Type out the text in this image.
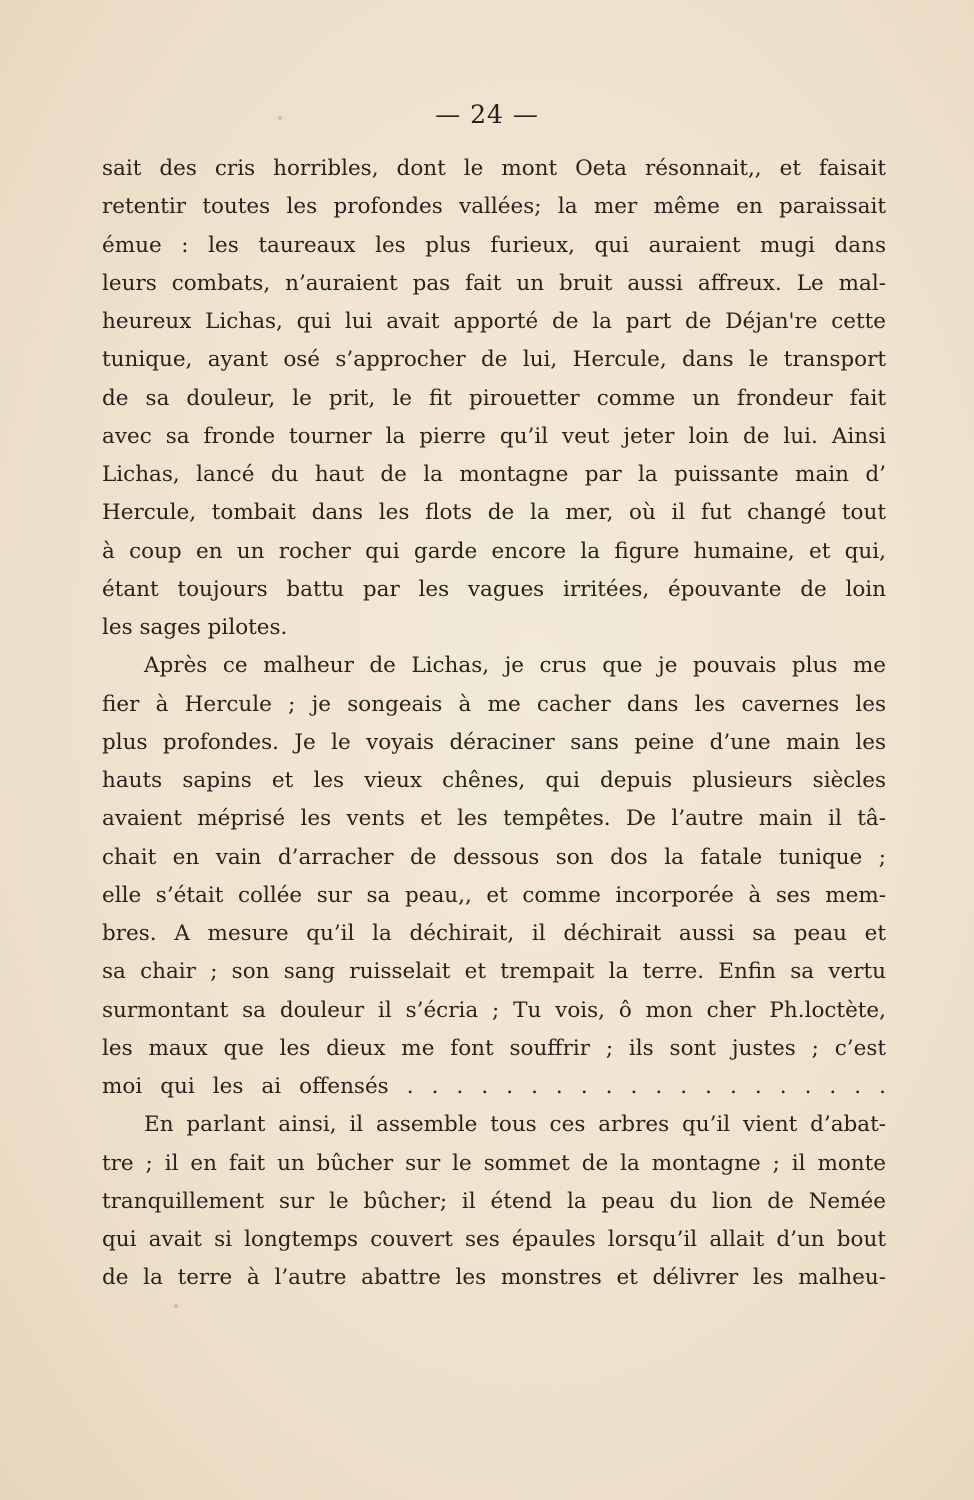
— 24 —
sait des cris horribles, dont le mont Oeta résonnait,, et faisait
retentir toutes les profondes vallées; la mer même en paraissait
émue : les taureaux les plus furieux, qui auraient mugi dans
leurs combats, n’auraient pas fait un bruit aussi affreux. Le mal-
heureux Lichas, qui lui avait apporté de la part de Déjan're cette
tunique, ayant osé s’approcher de lui, Hercule, dans le transport
de sa douleur, le prit, le fit pirouetter comme un frondeur fait
avec sa fronde tourner la pierre qu’il veut jeter loin de lui. Ainsi
Lichas, lancé du haut de la montagne par la puissante main d’
Hercule, tombait dans les flots de la mer, où il fut changé tout
à coup en un rocher qui garde encore la figure humaine, et qui,
étant toujours battu par les vagues irritées, épouvante de loin
les sages pilotes.
Après ce malheur de Lichas, je crus que je pouvais plus me
fier à Hercule ; je songeais à me cacher dans les cavernes les
plus profondes. Je le voyais déraciner sans peine d’une main les
hauts sapins et les vieux chênes, qui depuis plusieurs siècles
avaient méprisé les vents et les tempêtes. De l’autre main il tâ-
chait en vain d’arracher de dessous son dos la fatale tunique ;
elle s’était collée sur sa peau,, et comme incorporée à ses mem-
bres. A mesure qu’il la déchirait, il déchirait aussi sa peau et
sa chair ; son sang ruisselait et trempait la terre. Enfin sa vertu
surmontant sa douleur il s’écria ; Tu vois, ô mon cher Ph.loctète,
les maux que les dieux me font souffrir ; ils sont justes ; c’est
moi qui les ai offensés . . . . . . . . . . . . . . . . . . . .
En parlant ainsi, il assemble tous ces arbres qu’il vient d’abat-
tre ; il en fait un bûcher sur le sommet de la montagne ; il monte
tranquillement sur le bûcher; il étend la peau du lion de Nemée
qui avait si longtemps couvert ses épaules lorsqu’il allait d’un bout
de la terre à l’autre abattre les monstres et délivrer les malheu-
